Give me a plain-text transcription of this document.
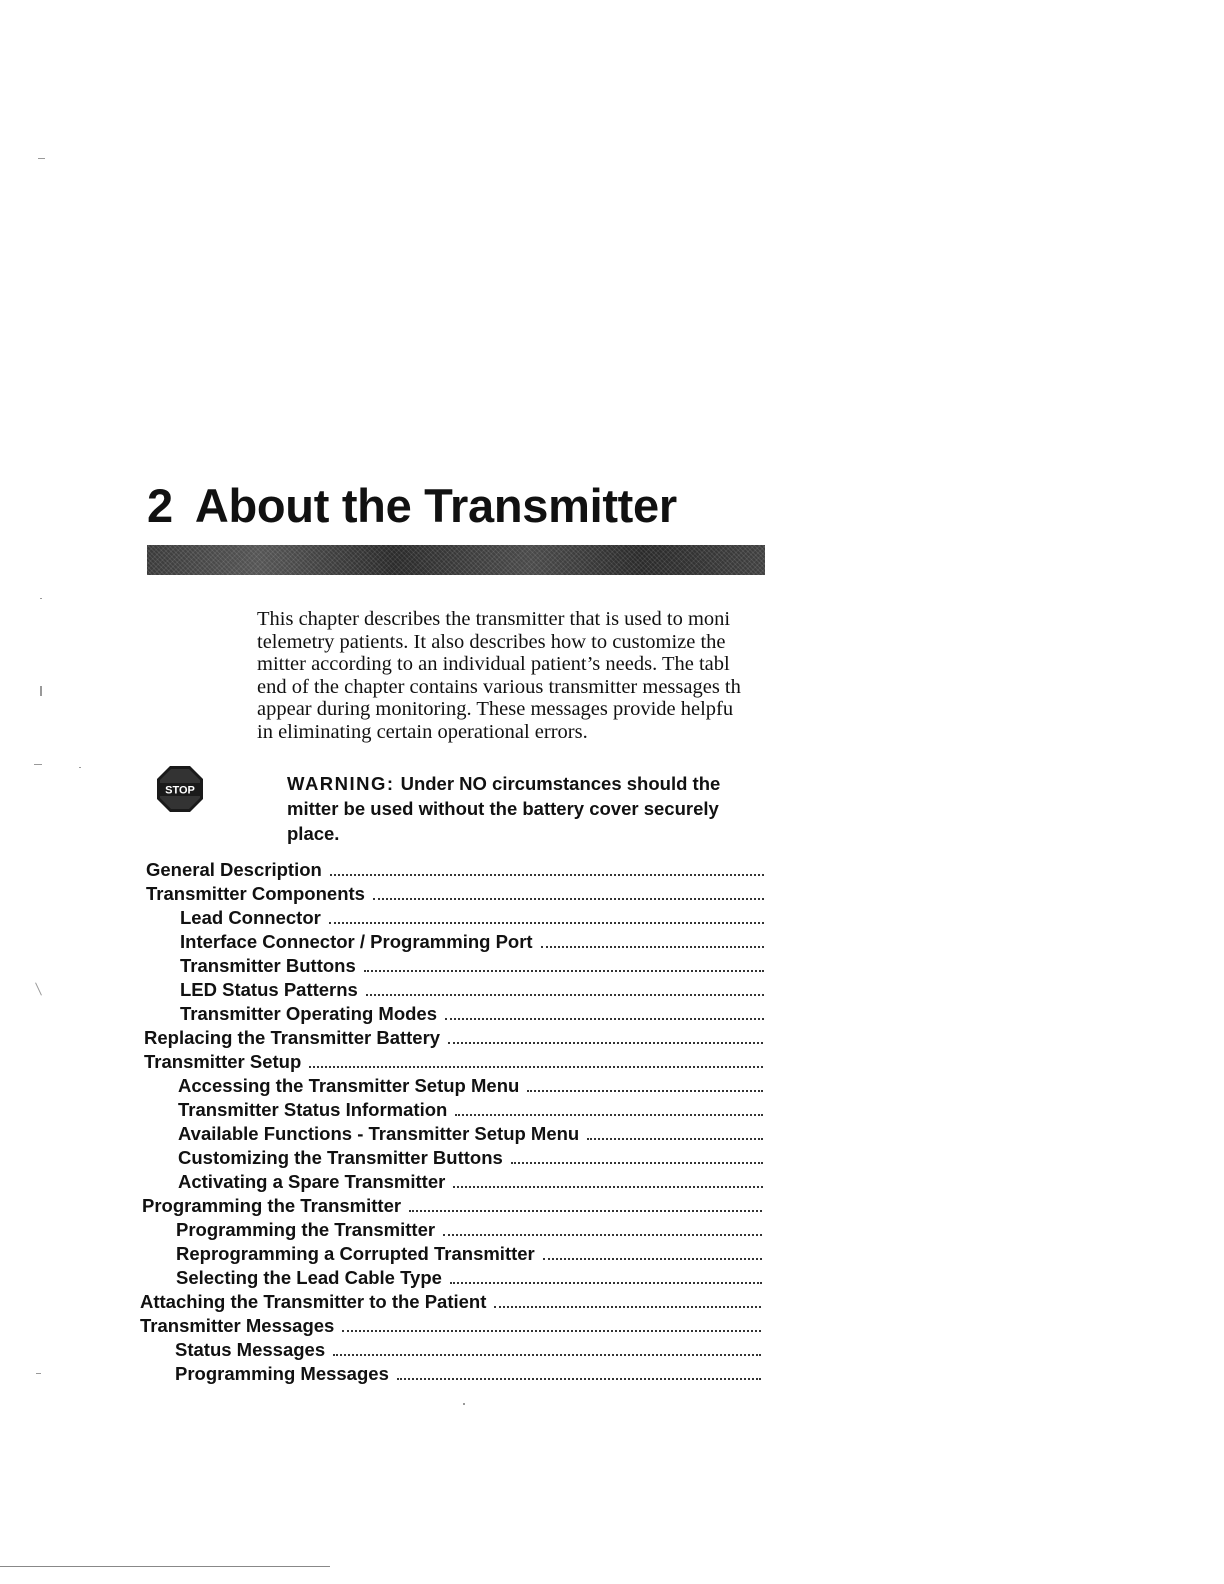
2 About the Transmitter

This chapter describes the transmitter that is used to moni
telemetry patients. It also describes how to customize the
mitter according to an individual patient’s needs. The tabl
end of the chapter contains various transmitter messages th
appear during monitoring. These messages provide helpfu
in eliminating certain operational errors.

STOP	WARNING: Under NO circumstances should the
mitter be used without the battery cover securely
place.
General Description
Transmitter Components
Lead Connector
Interface Connector / Programming Port
Transmitter Buttons
LED Status Patterns
Transmitter Operating Modes
Replacing the Transmitter Battery
Transmitter Setup
Accessing the Transmitter Setup Menu
Transmitter Status Information
Available Functions - Transmitter Setup Menu
Customizing the Transmitter Buttons
Activating a Spare Transmitter
Programming the Transmitter
Programming the Transmitter
Reprogramming a Corrupted Transmitter
Selecting the Lead Cable Type
Attaching the Transmitter to the Patient
Transmitter Messages
Status Messages
Programming Messages
